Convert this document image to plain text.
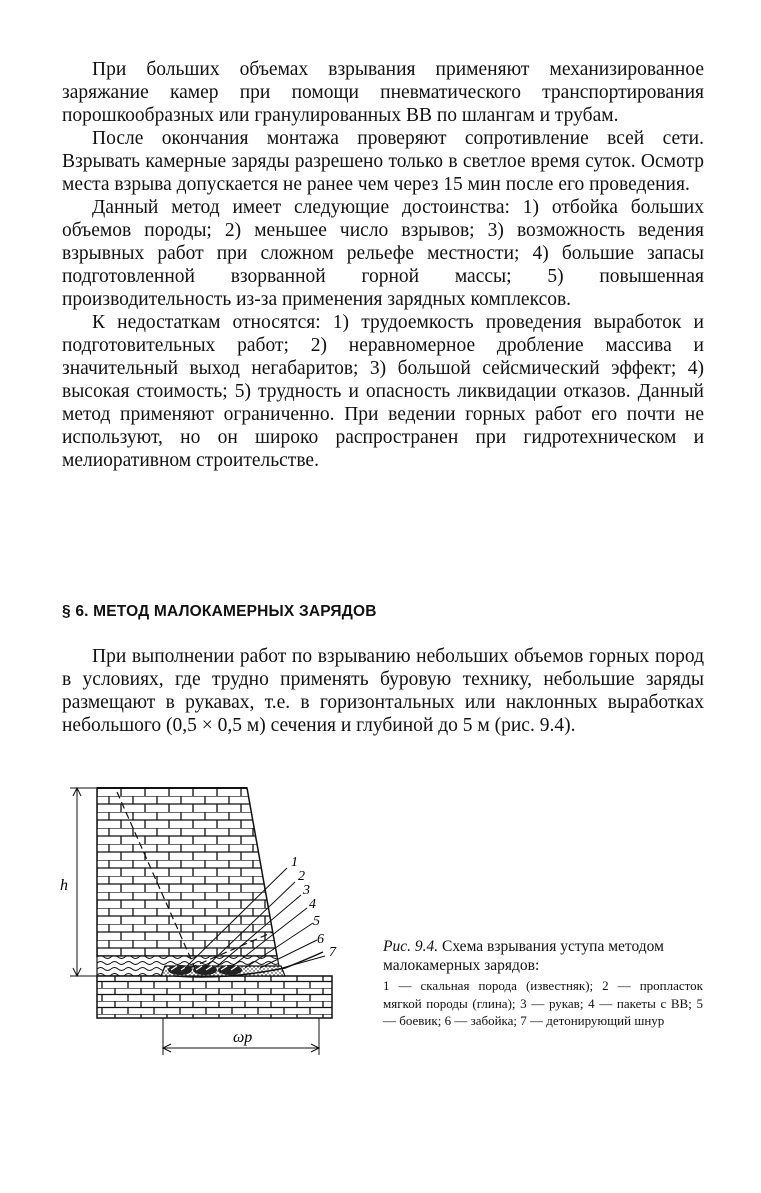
При больших объемах взрывания применяют механизированное заряжание камер при помощи пневматического транспортирования порошкообразных или гранулированных ВВ по шлангам и трубам.

После окончания монтажа проверяют сопротивление всей сети. Взрывать камерные заряды разрешено только в светлое время суток. Осмотр места взрыва допускается не ранее чем через 15 мин после его проведения.

Данный метод имеет следующие достоинства: 1) отбойка больших объемов породы; 2) меньшее число взрывов; 3) возможность ведения взрывных работ при сложном рельефе местности; 4) большие запасы подготовленной взорванной горной массы; 5) повышенная производительность из-за применения зарядных комплексов.

К недостаткам относятся: 1) трудоемкость проведения выработок и подготовительных работ; 2) неравномерное дробление массива и значительный выход негабаритов; 3) большой сейсмический эффект; 4) высокая стоимость; 5) трудность и опасность ликвидации отказов. Данный метод применяют ограниченно. При ведении горных работ его почти не используют, но он широко распространен при гидротехническом и мелиоративном строительстве.

§ 6. МЕТОД МАЛОКАМЕРНЫХ ЗАРЯДОВ

При выполнении работ по взрыванию небольших объемов горных пород в условиях, где трудно применять буровую технику, небольшие заряды размещают в рукавах, т.е. в горизонтальных или наклонных выработках небольшого (0,5 × 0,5 м) сечения и глубиной до 5 м (рис. 9.4).

h
ωр
1
2
3
4
5
6
7	Рис. 9.4. Схема взрывания уступа методом малокамерных зарядов:
1 — скальная порода (известняк); 2 — пропласток мягкой породы (глина); 3 — рукав; 4 — пакеты с ВВ; 5 — боевик; 6 — забойка; 7 — детонирующий шнур
